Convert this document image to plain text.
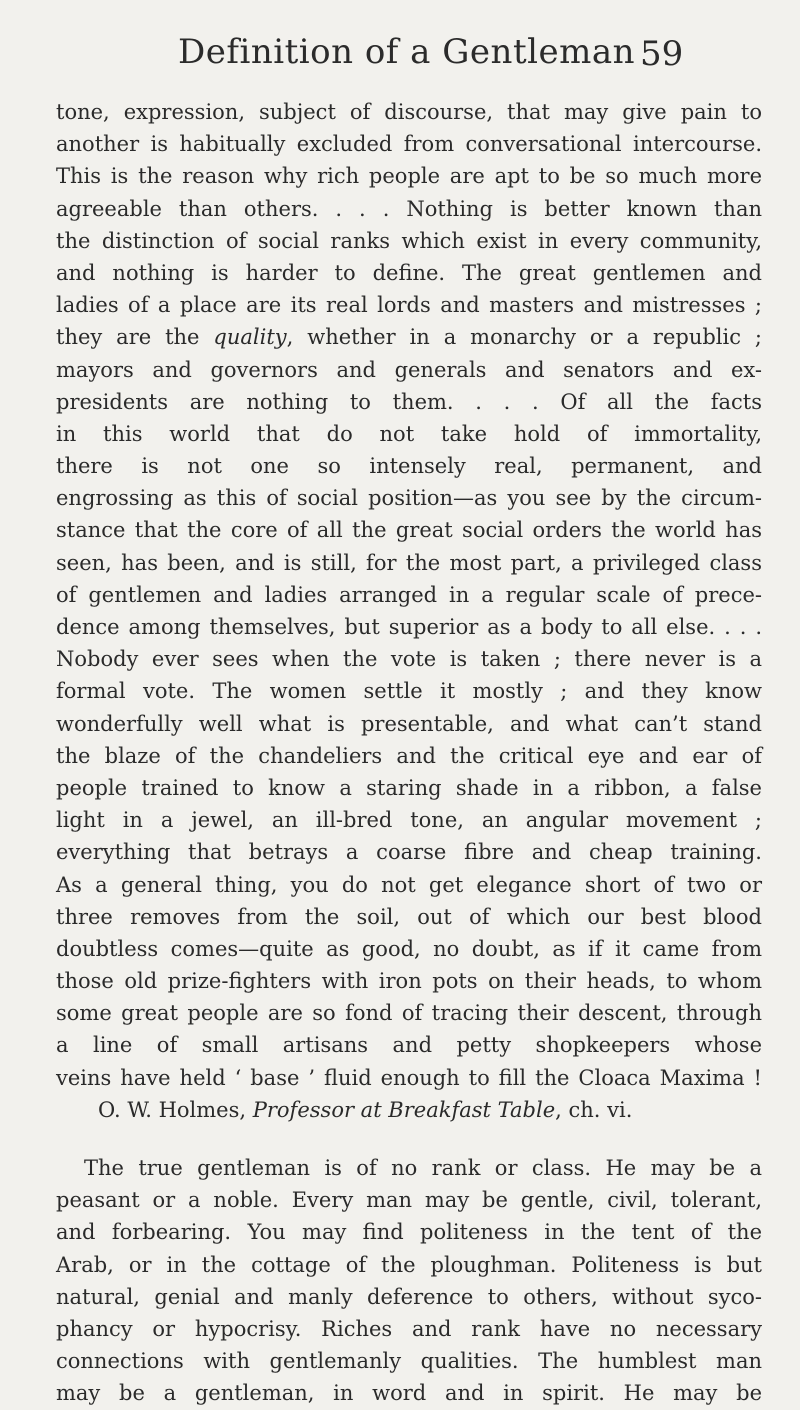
Definition of a Gentleman 59
tone, expression, subject of discourse, that may give pain to
another is habitually excluded from conversational intercourse.
This is the reason why rich people are apt to be so much more
agreeable than others. . . . Nothing is better known than
the distinction of social ranks which exist in every community,
and nothing is harder to define. The great gentlemen and
ladies of a place are its real lords and masters and mistresses ;
they are the quality, whether in a monarchy or a republic ;
mayors and governors and generals and senators and ex-
presidents are nothing to them. . . . Of all the facts
in this world that do not take hold of immortality,
there is not one so intensely real, permanent, and
engrossing as this of social position—as you see by the circum-
stance that the core of all the great social orders the world has
seen, has been, and is still, for the most part, a privileged class
of gentlemen and ladies arranged in a regular scale of prece-
dence among themselves, but superior as a body to all else. . . .
Nobody ever sees when the vote is taken ; there never is a
formal vote. The women settle it mostly ; and they know
wonderfully well what is presentable, and what can’t stand
the blaze of the chandeliers and the critical eye and ear of
people trained to know a staring shade in a ribbon, a false
light in a jewel, an ill-bred tone, an angular movement ;
everything that betrays a coarse fibre and cheap training.
As a general thing, you do not get elegance short of two or
three removes from the soil, out of which our best blood
doubtless comes—quite as good, no doubt, as if it came from
those old prize-fighters with iron pots on their heads, to whom
some great people are so fond of tracing their descent, through
a line of small artisans and petty shopkeepers whose
veins have held ‘ base ’ fluid enough to fill the Cloaca Maxima !
O. W. Holmes, Professor at Breakfast Table, ch. vi.
The true gentleman is of no rank or class. He may be a
peasant or a noble. Every man may be gentle, civil, tolerant,
and forbearing. You may find politeness in the tent of the
Arab, or in the cottage of the ploughman. Politeness is but
natural, genial and manly deference to others, without syco-
phancy or hypocrisy. Riches and rank have no necessary
connections with gentlemanly qualities. The humblest man
may be a gentleman, in word and in spirit. He may be
